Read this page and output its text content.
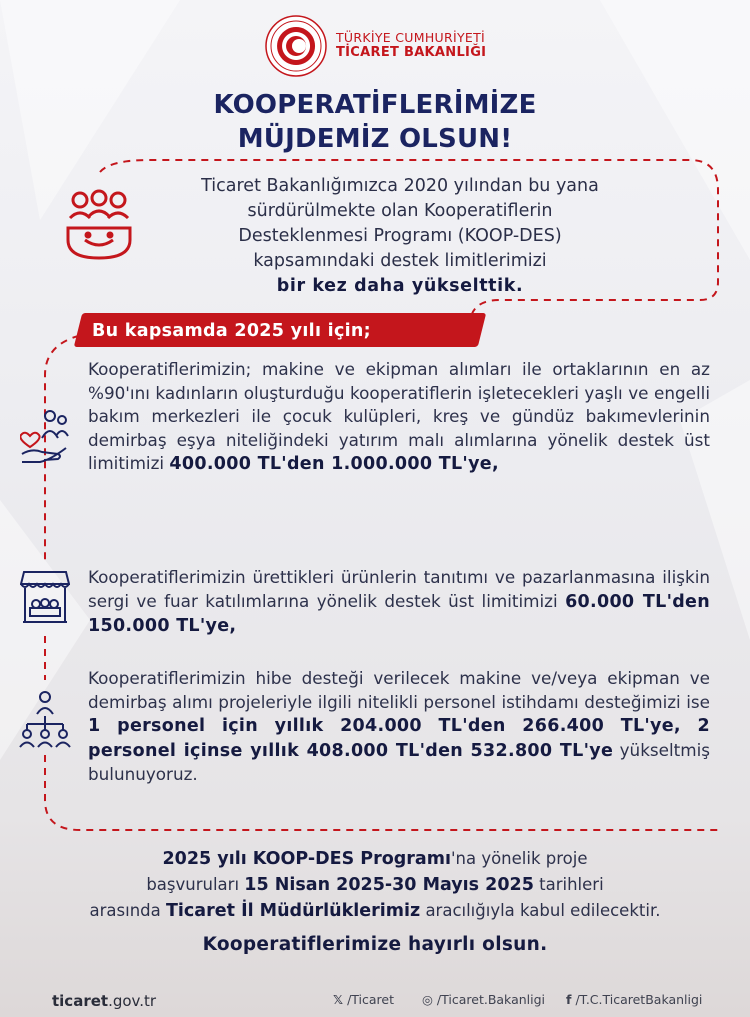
TÜRKİYE CUMHURİYETİ
TİCARET BAKANLIĞI
KOOPERATİFLERİMİZE
MÜJDEMİZ OLSUN!
Ticaret Bakanlığımızca 2020 yılından bu yana
sürdürülmekte olan Kooperatiflerin
Desteklenmesi Programı (KOOP-DES)
kapsamındaki destek limitlerimizi
bir kez daha yükselttik.
Bu kapsamda 2025 yılı için;
Kooperatiflerimizin; makine ve ekipman alımları ile ortaklarının en az %90'ını kadınların oluşturduğu kooperatiflerin işletecekleri yaşlı ve engelli bakım merkezleri ile çocuk kulüpleri, kreş ve gündüz bakımevlerinin demirbaş eşya niteliğindeki yatırım malı alımlarına yönelik destek üst limitimizi 400.000 TL'den 1.000.000 TL'ye,
Kooperatiflerimizin ürettikleri ürünlerin tanıtımı ve pazarlanmasına ilişkin sergi ve fuar katılımlarına yönelik destek üst limitimizi 60.000 TL'den 150.000 TL'ye,
Kooperatiflerimizin hibe desteği verilecek makine ve/veya ekipman ve demirbaş alımı projeleriyle ilgili nitelikli personel istihdamı desteğimizi ise 1 personel için yıllık 204.000 TL'den 266.400 TL'ye, 2 personel içinse yıllık 408.000 TL'den 532.800 TL'ye yükseltmiş bulunuyoruz.
2025 yılı KOOP-DES Programı'na yönelik proje
başvuruları 15 Nisan 2025-30 Mayıs 2025 tarihleri
arasında Ticaret İl Müdürlüklerimiz aracılığıyla kabul edilecektir.
Kooperatiflerimize hayırlı olsun.
ticaret.gov.tr	𝕏 /Ticaret ◎ /Ticaret.Bakanligi f /T.C.TicaretBakanligi
